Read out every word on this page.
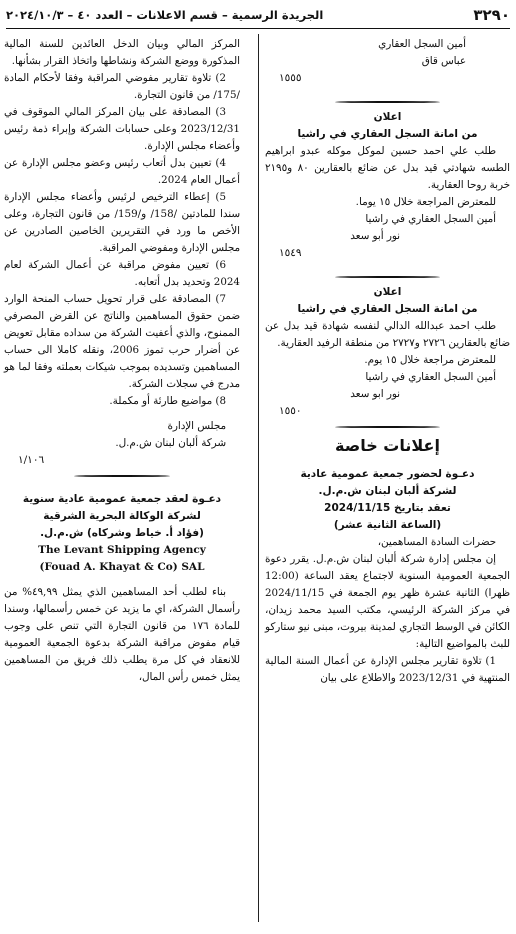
٣٢٩٠
الجريدة الرسمية – قسم الاعلانات – العدد ٤٠ – ٢٠٢٤/١٠/٣

أمين السجل العقاري

عباس قاق

١٥٥٥

اعلان

من امانة السجل العقاري في راشيا

طلب علي احمد حسين لموكل موكله عبدو ابراهيم الطسه شهادتي قيد بدل عن ضائع بالعقارين ٨٠ و٢١٩٥ خربة روحا العقارية.

للمعترض المراجعة خلال ١٥ يوما.

أمين السجل العقاري في راشيا

نور أبو سعد

١٥٤٩

اعلان

من امانة السجل العقاري في راشيا

طلب احمد عبدالله الدالي لنفسه شهادة قيد بدل عن ضائع بالعقارين ٢٧٢٦ و٢٧٢٧ من منطقة الرفيد العقارية.

للمعترض مراجعة خلال ١٥ يوم.

أمين السجل العقاري في راشيا

نور ابو سعد

١٥٥٠

إعلانات خاصة

دعـوة لحضور جمعية عمومية عادية

لشركة ألبان لبنان ش.م.ل.

تعقد بتاريخ 2024/11/15

(الساعة الثانية عشر)

حضرات السادة المساهمين،

إن مجلس إدارة شركة ألبان لبنان ش.م.ل. يقرر دعوة الجمعية العمومية السنوية لاجتماع يعقد الساعة (12:00 ظهرا) الثانية عشرة ظهر يوم الجمعة في 2024/11/15 في مركز الشركة الرئيسي، مكتب السيد محمد زيدان، الكائن في الوسط التجاري لمدينة بيروت، مبنى نيو ستاركو للبث بالمواضيع التالية:

1) تلاوة تقارير مجلس الإدارة عن أعمال السنة المالية المنتهية في 2023/12/31 والاطلاع على بيان

المركز المالي وبيان الدخل العائدين للسنة المالية المذكورة ووضع الشركة ونشاطها واتخاذ القرار بشأنها.

2) تلاوة تقارير مفوضي المراقبة وفقا لأحكام المادة /175/ من قانون التجارة.

3) المصادقة على بيان المركز المالي الموقوف في 2023/12/31 وعلى حسابات الشركة وإبراء ذمة رئيس وأعضاء مجلس الإدارة.

4) تعيين بدل أتعاب رئيس وعضو مجلس الإدارة عن أعمال العام 2024.

5) إعطاء الترخيص لرئيس وأعضاء مجلس الإدارة سندا للمادتين /158/ و/159/ من قانون التجارة، وعلى الأخص ما ورد في التقريرين الخاصين الصادرين عن مجلس الإدارة ومفوضي المراقبة.

6) تعيين مفوض مراقبة عن أعمال الشركة لعام 2024 وتحديد بدل أتعابه.

7) المصادقة على قرار تحويل حساب المنحة الوارد ضمن حقوق المساهمين والناتج عن القرض المصرفي الممنوح، والذي أعفيت الشركة من سداده مقابل تعويض عن أضرار حرب تموز 2006، ونقله كاملا الى حساب المساهمين وتسديده بموجب شيكات بعملته وفقا لما هو مدرج في سجلات الشركة.

8) مواضيع طارئة أو مكملة.

مجلس الإدارة

شركة ألبان لبنان ش.م.ل.

١/١٠٦

دعـوة لعقد جمعية عمومية عادية سنوية

لشركة الوكالة البحرية الشرقية

(فؤاد أ. خياط وشركاه) ش.م.ل.

The Levant Shipping Agency

(Fouad A. Khayat & Co) SAL

بناء لطلب أحد المساهمين الذي يمثل ٤٩,٩٩% من رأسمال الشركة، اي ما يزيد عن خمس رأسمالها، وسندا للمادة ١٧٦ من قانون التجارة التي تنص على وجوب قيام مفوض مراقبة الشركة بدعوة الجمعية العمومية للانعقاد في كل مرة يطلب ذلك فريق من المساهمين يمثل خمس رأس المال،
